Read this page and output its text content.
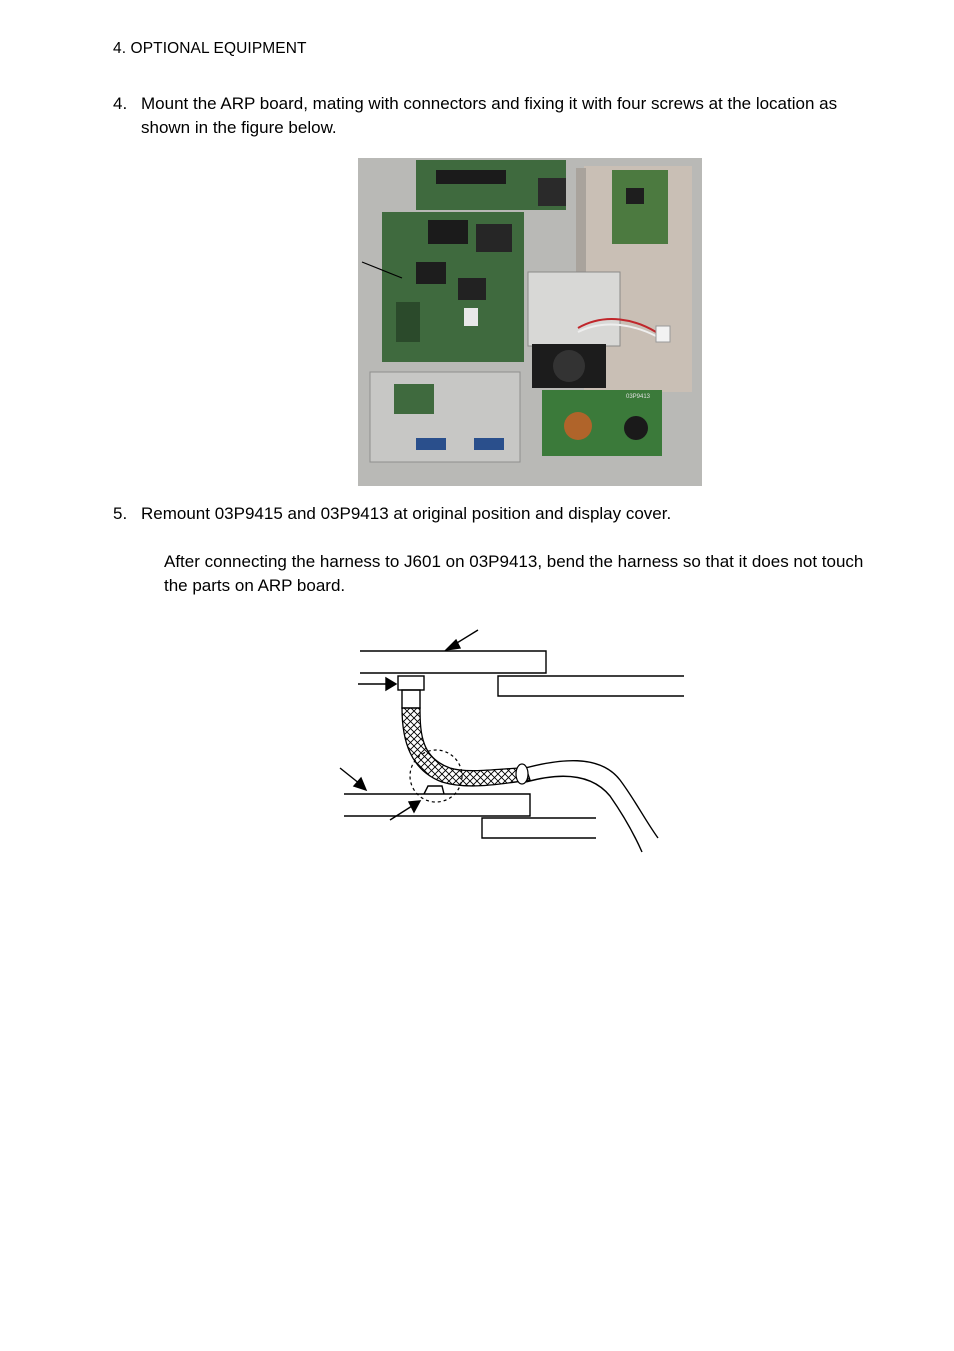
4. OPTIONAL EQUIPMENT
4. Mount the ARP board, mating with connectors and fixing it with four screws at the location as shown in the figure below.
03P9413
5. Remount 03P9415 and 03P9413 at original position and display cover.
After connecting the harness to J601 on 03P9413, bend the harness so that it does not touch the parts on ARP board.
